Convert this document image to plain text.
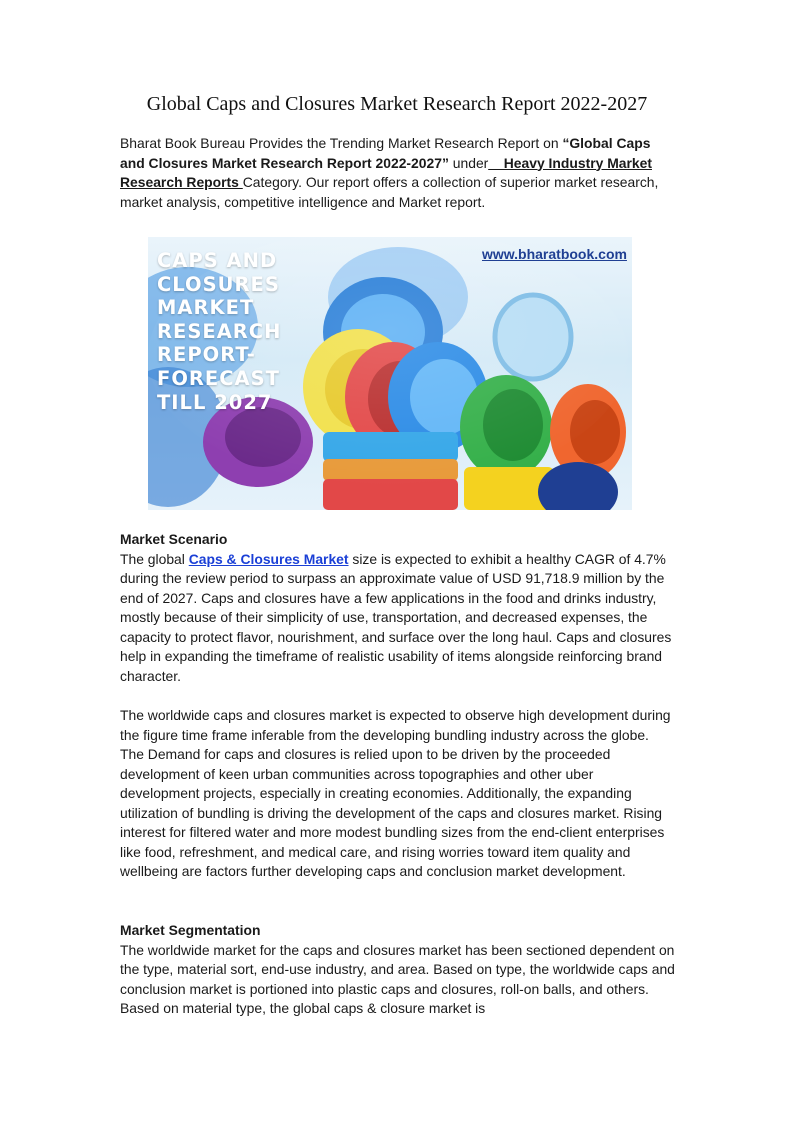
Global Caps and Closures Market Research Report 2022-2027
Bharat Book Bureau Provides the Trending Market Research Report on “Global Caps and Closures Market Research Report 2022-2027” under__Heavy Industry Market Research Reports Category. Our report offers a collection of superior market research, market analysis, competitive intelligence and Market report.
CAPS AND CLOSURES MARKET RESEARCH REPORT- FORECAST TILL 2027
www.bharatbook.com
Market Scenario
The global Caps & Closures Market size is expected to exhibit a healthy CAGR of 4.7% during the review period to surpass an approximate value of USD 91,718.9 million by the end of 2027. Caps and closures have a few applications in the food and drinks industry, mostly because of their simplicity of use, transportation, and decreased expenses, the capacity to protect flavor, nourishment, and surface over the long haul. Caps and closures help in expanding the timeframe of realistic usability of items alongside reinforcing brand character.
The worldwide caps and closures market is expected to observe high development during the figure time frame inferable from the developing bundling industry across the globe. The Demand for caps and closures is relied upon to be driven by the proceeded development of keen urban communities across topographies and other uber development projects, especially in creating economies. Additionally, the expanding utilization of bundling is driving the development of the caps and closures market. Rising interest for filtered water and more modest bundling sizes from the end-client enterprises like food, refreshment, and medical care, and rising worries toward item quality and wellbeing are factors further developing caps and conclusion market development.
Market Segmentation
The worldwide market for the caps and closures market has been sectioned dependent on the type, material sort, end-use industry, and area. Based on type, the worldwide caps and conclusion market is portioned into plastic caps and closures, roll-on balls, and others. Based on material type, the global caps & closure market is
